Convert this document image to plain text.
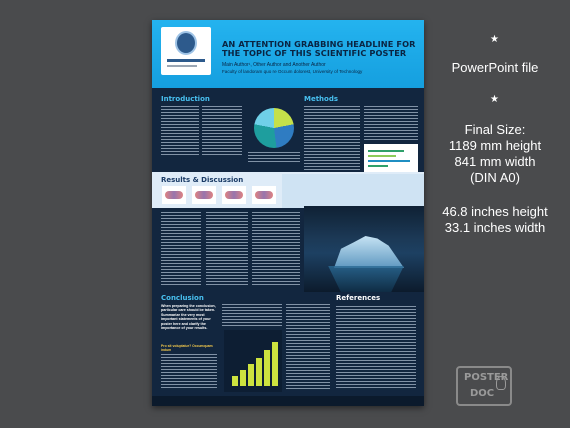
AN ATTENTION GRABBING HEADLINE FOR
THE TOPIC OF THIS SCIENTIFIC POSTER
Main Author¹, Other Author and Another Author
Faculty of landoram quo re Occum dolorest, University of Technology
Introduction	Methods
Results & Discussion
Conclusion
When preparing the conclusion, particular care should be taken. Summarize the very most important statements of your poster here and clarify the importance of your results.
Pro sit voluptatur? Occumquam indum
References
★
PowerPoint file
★
Final Size:
1189 mm height
841 mm width
(DIN A0)
46.8 inches height
33.1 inches width
POSTER
DOC
